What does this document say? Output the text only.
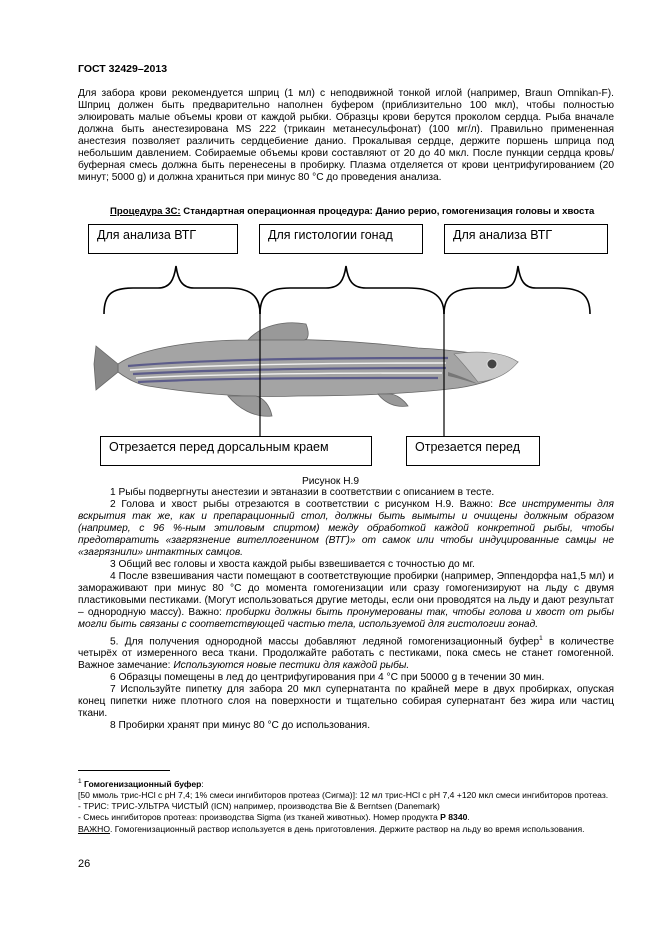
ГОСТ 32429–2013
Для забора крови рекомендуется шприц (1 мл) с неподвижной тонкой иглой (например, Braun Omnikan-F). Шприц должен быть предварительно наполнен буфером (приблизительно 100 мкл), чтобы полностью элюировать малые объемы крови от каждой рыбки. Образцы крови берутся проколом сердца. Рыба вначале должна быть анестезирована MS 222 (трикаин метанесульфонат) (100 мг/л). Правильно примененная анестезия позволяет различить сердцебиение данио. Прокалывая сердце, держите поршень шприца под небольшим давлением. Собираемые объемы крови составляют от 20 до 40 мкл. После пункции сердца кровь/буферная смесь должна быть перенесены в пробирку. Плазма отделяется от крови центрифугированием (20 минут; 5000 g) и должна храниться при минус 80 °С до проведения анализа.
Процедура 3С: Стандартная операционная процедура: Данио рерио, гомогенизация головы и хвоста
Для анализа ВТГ	Для гистологии гонад	Для анализа ВТГ
Отрезается перед дорсальным краем	Отрезается перед
Рисунок Н.9

1 Рыбы подвергнуты анестезии и эвтаназии в соответствии с описанием в тесте.

2 Голова и хвост рыбы отрезаются в соответствии с рисунком Н.9. Важно: Все инструменты для вскрытия так же, как и препарационный стол, должны быть вымыты и очищены должным образом (например, с 96 %-ным этиловым спиртом) между обработкой каждой конкретной рыбы, чтобы предотвратить «загрязнение вителлогенином (ВТГ)» от самок или чтобы индуцированные самцы не «загрязнили» интактных самцов.

3 Общий вес головы и хвоста каждой рыбы взвешивается с точностью до мг.

4 После взвешивания части помещают в соответствующие пробирки (например, Эппендорфа на1,5 мл) и замораживают при минус 80 °С до момента гомогенизации или сразу гомогенизируют на льду с двумя пластиковыми пестиками. (Могут использоваться другие методы, если они проводятся на льду и дают результат – однородную массу). Важно: пробирки должны быть пронумерованы так, чтобы голова и хвост от рыбы могли быть связаны с соответствующей частью тела, используемой для гистологии гонад.

5. Для получения однородной массы добавляют ледяной гомогенизационный буфер$^1$ в количестве четырёх от измеренного веса ткани. Продолжайте работать с пестиками, пока смесь не станет гомогенной. Важное замечание: Используются новые пестики для каждой рыбы.

6 Образцы помещены в лед до центрифугирования при 4 °С при 50000 g в течении 30 мин.

7 Используйте пипетку для забора 20 мкл супернатанта по крайней мере в двух пробирках, опуская конец пипетки ниже плотного слоя на поверхности и тщательно собирая супернатант без жира или частиц ткани.

8 Пробирки хранят при минус 80 °С до использования.

$^1$ Гомогенизационный буфер:

[50 ммоль трис-HCl с pH 7,4; 1% смеси ингибиторов протеаз (Сигма)]: 12 мл трис-HCl с pH 7,4 +120 мкл смеси ингибиторов протеаз.

- ТРИС: ТРИС-УЛЬТРА ЧИСТЫЙ (ICN) например, производства Bie & Berntsen (Danemark)

- Смесь ингибиторов протеаз: производства Sigma (из тканей животных). Номер продукта Р 8340.

ВАЖНО. Гомогенизационный раствор используется в день приготовления. Держите раствор на льду во время использования.

26
